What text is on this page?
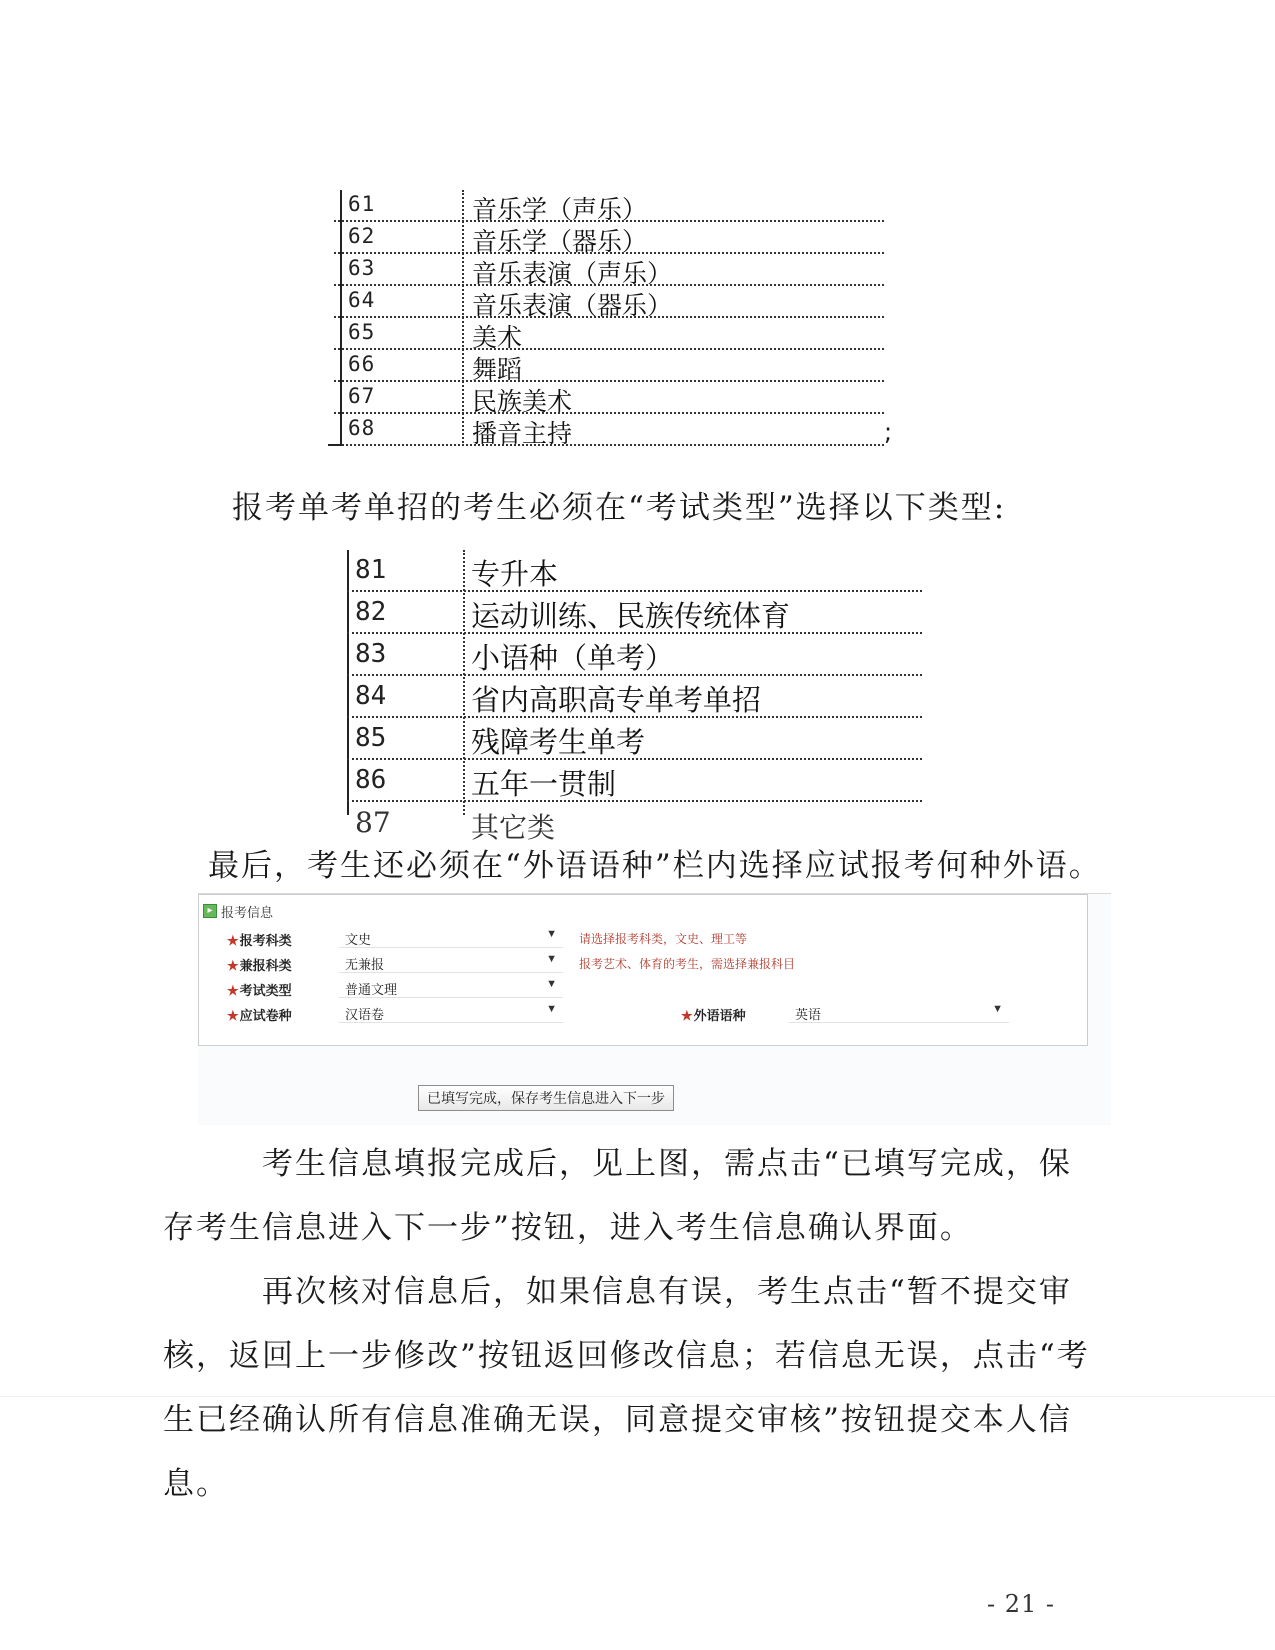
61	音乐学（声乐）
62	音乐学（器乐）
63	音乐表演（声乐）
64	音乐表演（器乐）
65	美术
66	舞蹈
67	民族美术
68	播音主持	;
报考单考单招的考生必须在“考试类型”选择以下类型:
81	专升本
82	运动训练、民族传统体育
83	小语种（单考）
84	省内高职高专单考单招
85	残障考生单考
86	五年一贯制
87	其它类
最后，考生还必须在“外语语种”栏内选择应试报考何种外语。
▸ 报考信息
★报考科类	文史	▼ 请选择报考科类，文史、理工等
★兼报科类	无兼报	▼ 报考艺术、体育的考生，需选择兼报科目
★考试类型	普通文理	▼
★应试卷种	汉语卷	▼	★外语语种	英语	▼
已填写完成，保存考生信息进入下一步
考生信息填报完成后，见上图，需点击“已填写完成，保
存考生信息进入下一步”按钮，进入考生信息确认界面。
再次核对信息后，如果信息有误，考生点击“暂不提交审
核，返回上一步修改”按钮返回修改信息；若信息无误，点击“考
生已经确认所有信息准确无误，同意提交审核”按钮提交本人信
息。
- 21 -
